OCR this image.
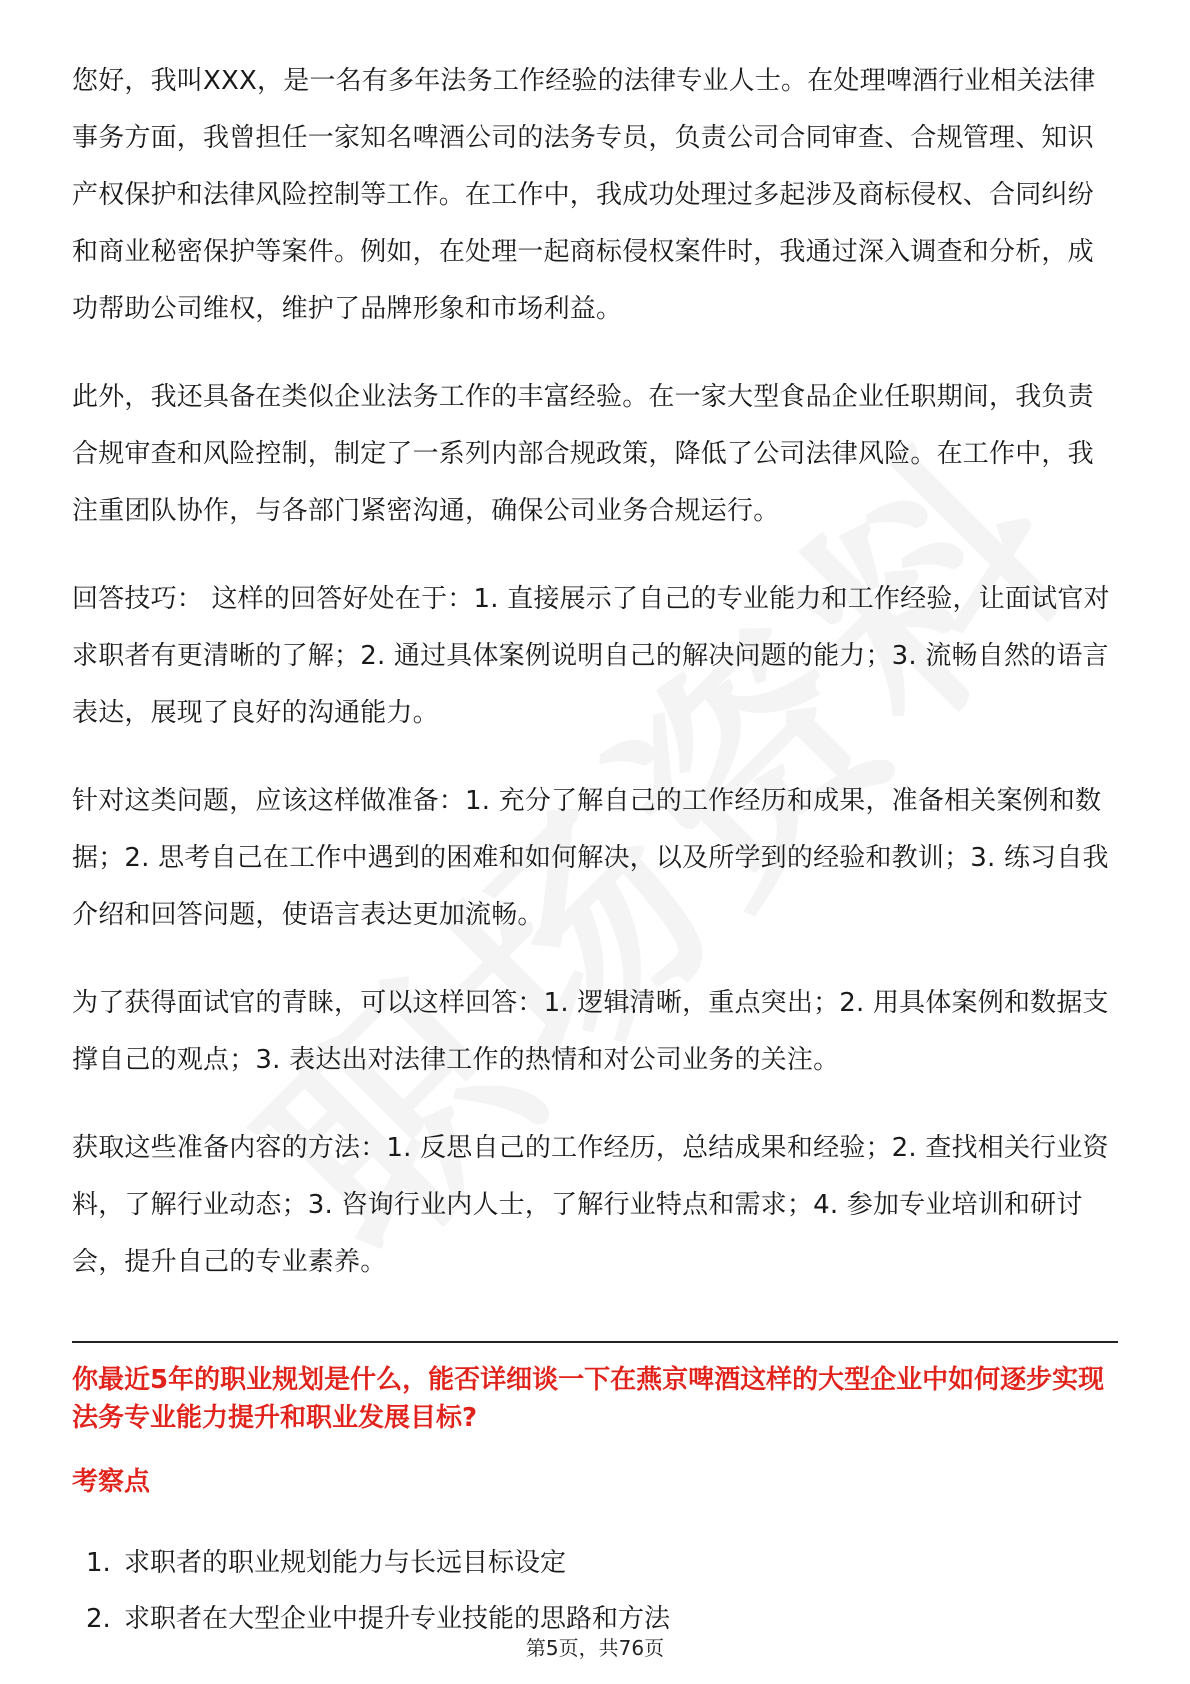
您好，我叫XXX，是一名有多年法务工作经验的法律专业人士。在处理啤酒行业相关法律事务方面，我曾担任一家知名啤酒公司的法务专员，负责公司合同审查、合规管理、知识产权保护和法律风险控制等工作。在工作中，我成功处理过多起涉及商标侵权、合同纠纷和商业秘密保护等案件。例如，在处理一起商标侵权案件时，我通过深入调查和分析，成功帮助公司维权，维护了品牌形象和市场利益。

此外，我还具备在类似企业法务工作的丰富经验。在一家大型食品企业任职期间，我负责合规审查和风险控制，制定了一系列内部合规政策，降低了公司法律风险。在工作中，我注重团队协作，与各部门紧密沟通，确保公司业务合规运行。

回答技巧： 这样的回答好处在于：1. 直接展示了自己的专业能力和工作经验，让面试官对求职者有更清晰的了解；2. 通过具体案例说明自己的解决问题的能力；3. 流畅自然的语言表达，展现了良好的沟通能力。

针对这类问题，应该这样做准备：1. 充分了解自己的工作经历和成果，准备相关案例和数据；2. 思考自己在工作中遇到的困难和如何解决，以及所学到的经验和教训；3. 练习自我介绍和回答问题，使语言表达更加流畅。

为了获得面试官的青睐，可以这样回答：1. 逻辑清晰，重点突出；2. 用具体案例和数据支撑自己的观点；3. 表达出对法律工作的热情和对公司业务的关注。

获取这些准备内容的方法：1. 反思自己的工作经历，总结成果和经验；2. 查找相关行业资料，了解行业动态；3. 咨询行业内人士，了解行业特点和需求；4. 参加专业培训和研讨会，提升自己的专业素养。

你最近5年的职业规划是什么，能否详细谈一下在燕京啤酒这样的大型企业中如何逐步实现法务专业能力提升和职业发展目标?
考察点
1. 求职者的职业规划能力与长远目标设定
2. 求职者在大型企业中提升专业技能的思路和方法
第5页，共76页
